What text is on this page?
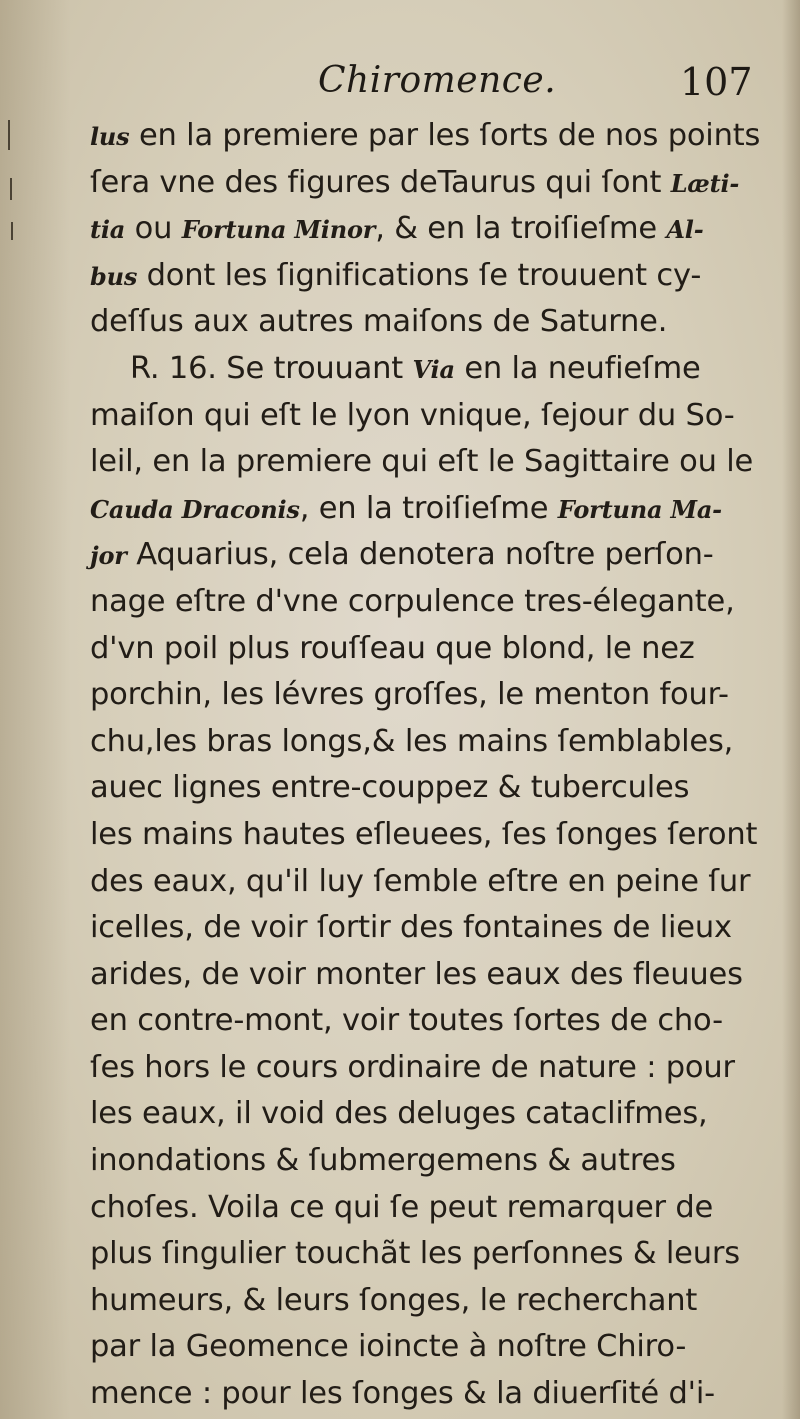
Chiromence.	107
lus en la premiere par les ſorts de nos points
ſera vne des figures deTaurus qui ſont Læti-
tia ou Fortuna Minor, & en la troiſieſme Al-
bus dont les ſignifications ſe trouuent cy-
deſſus aux autres maiſons de Saturne.
R. 16. Se trouuant Via en la neufieſme
maiſon qui eſt le lyon vnique, ſejour du So-
leil, en la premiere qui eſt le Sagittaire ou le
Cauda Draconis, en la troiſieſme Fortuna Ma-
jor Aquarius, cela denotera noſtre perſon-
nage eſtre d'vne corpulence tres-élegante,
d'vn poil plus rouſſeau que blond, le nez
porchin, les lévres groſſes, le menton four-
chu,les bras longs,& les mains ſemblables,
auec lignes entre-couppez & tubercules
les mains hautes eſleuees, ſes ſonges ſeront
des eaux, qu'il luy ſemble eſtre en peine ſur
icelles, de voir ſortir des fontaines de lieux
arides, de voir monter les eaux des fleuues
en contre-mont, voir toutes ſortes de cho-
ſes hors le cours ordinaire de nature : pour
les eaux, il void des deluges cataclifmes,
inondations & ſubmergemens & autres
choſes. Voila ce qui ſe peut remarquer de
plus ſingulier touchãt les perſonnes & leurs
humeurs, & leurs ſonges, le recherchant
par la Geomence ioincte à noſtre Chiro-
mence : pour les ſonges & la diuerſité d'i-
